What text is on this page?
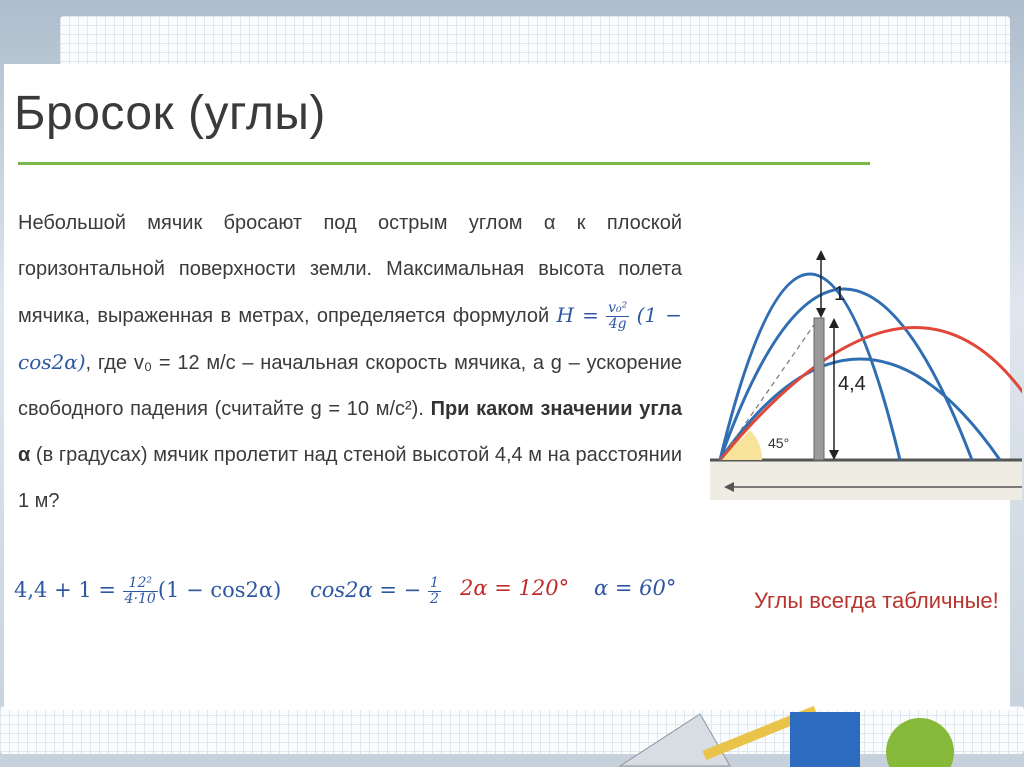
Бросок (углы)
Небольшой мячик бросают под острым углом α к плоской горизонтальной поверхности земли. Максимальная высота полета мячика, выраженная в метрах, определяется формулой $H = \frac{\text{v₀²}}{4g} (1 - \cos 2\alpha)$, где v₀ = 12 м/с – начальная скорость мячика, а g – ускорение свободного падения (считайте g = 10 м/с²). При каком значении угла α (в градусах) мячик пролетит над стеной высотой 4,4 м на расстоянии 1 м?
$4,4 + 1 = \frac{\text{12²}}{4\cdot 10} (1 - \cos 2\alpha) \cos 2\alpha$ = − $\frac{1}{2} 2\alpha = 120^\circ$ α = 60°	Углы всегда табличные!
1
4,4
45°
